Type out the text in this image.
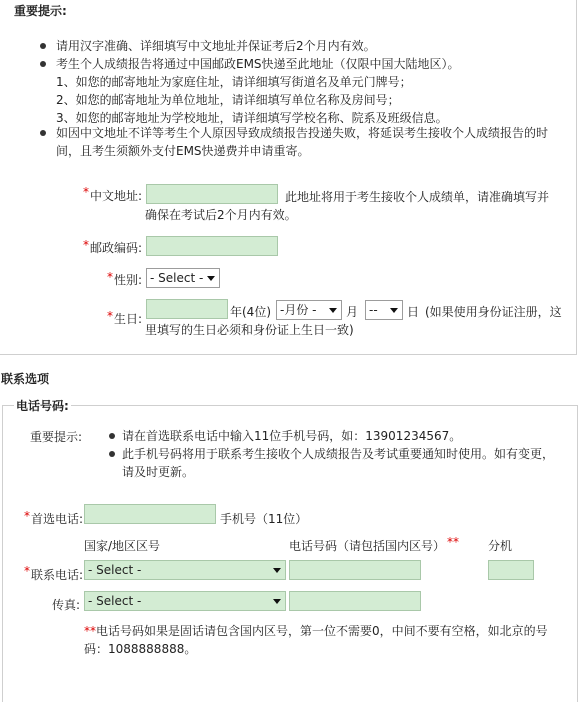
重要提示:
请用汉字准确、详细填写中文地址并保证考后2个月内有效。
考生个人成绩报告将通过中国邮政EMS快递至此地址（仅限中国大陆地区）。
1、如您的邮寄地址为家庭住址，请详细填写街道名及单元门牌号；
2、如您的邮寄地址为单位地址，请详细填写单位名称及房间号；
3、如您的邮寄地址为学校地址，请详细填写学校名称、院系及班级信息。
如因中文地址不详等考生个人原因导致成绩报告投递失败，将延误考生接收个人成绩报告的时间，且考生须额外支付EMS快递费并申请重寄。
* 中文地址:	此地址将用于考生接收个人成绩单，请准确填写并确保在考试后2个月内有效。
* 邮政编码:
* 性别: - Select -
* 生日:	年(4位) -月份 -	月 --	日 (如果使用身份证注册，这里填写的生日必须和身份证上生日一致)
联系选项
电话号码:
重要提示:	请在首选联系电话中输入11位手机号码，如：13901234567。
此手机号码将用于联系考生接收个人成绩报告及考试重要通知时使用。如有变更，请及时更新。
* 首选电话:	手机号（11位）
国家/地区区号	电话号码（请包括国内区号） ** 分机
* 联系电话: - Select -
传真: - Select -
**电话号码如果是固话请包含国内区号，第一位不需要0，中间不要有空格，如北京的号码：1088888888。
